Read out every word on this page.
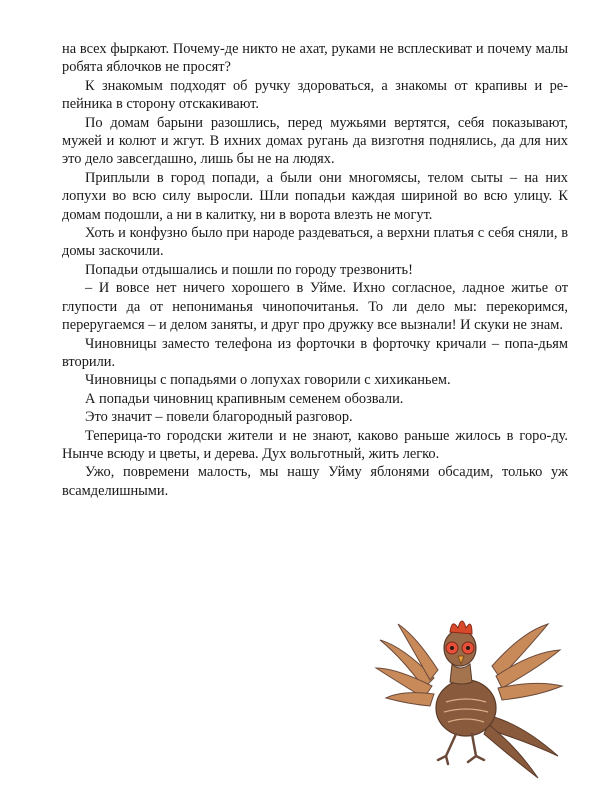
на всех фыркают. Почему-де никто не ахат, руками не всплескиват и почему малы робята яблочков не просят?

К знакомым подходят об ручку здороваться, а знакомы от крапивы и ре-пейника в сторону отскакивают.

По домам барыни разошлись, перед мужьями вертятся, себя показывают, мужей и колют и жгут. В ихних домах ругань да визготня поднялись, да для них это дело завсегдашно, лишь бы не на людях.

Приплыли в город попади, а были они многомясы, телом сыты – на них лопухи во всю силу выросли. Шли попадьи каждая шириной во всю улицу. К домам подошли, а ни в калитку, ни в ворота влезть не могут.

Хоть и конфузно было при народе раздеваться, а верхни платья с себя сняли, в домы заскочили.

Попадьи отдышались и пошли по городу трезвонить!

– И вовсе нет ничего хорошего в Уйме. Ихно согласное, ладное житье от глупости да от непониманья чинопочитанья. То ли дело мы: перекоримся, переругаемся – и делом заняты, и друг про дружку все вызнали! И скуки не знам.

Чиновницы заместо телефона из форточки в форточку кричали – попа-дьям вторили.

Чиновницы с попадьями о лопухах говорили с хихиканьем.

А попадьи чиновниц крапивным семенем обозвали.

Это значит – повели благородный разговор.

Теперица-то городски жители и не знают, каково раньше жилось в горо-ду. Нынче всюду и цветы, и дерева. Дух вольготный, жить легко.

Ужо, повремени малость, мы нашу Уйму яблонями обсадим, только уж всамделишными.
